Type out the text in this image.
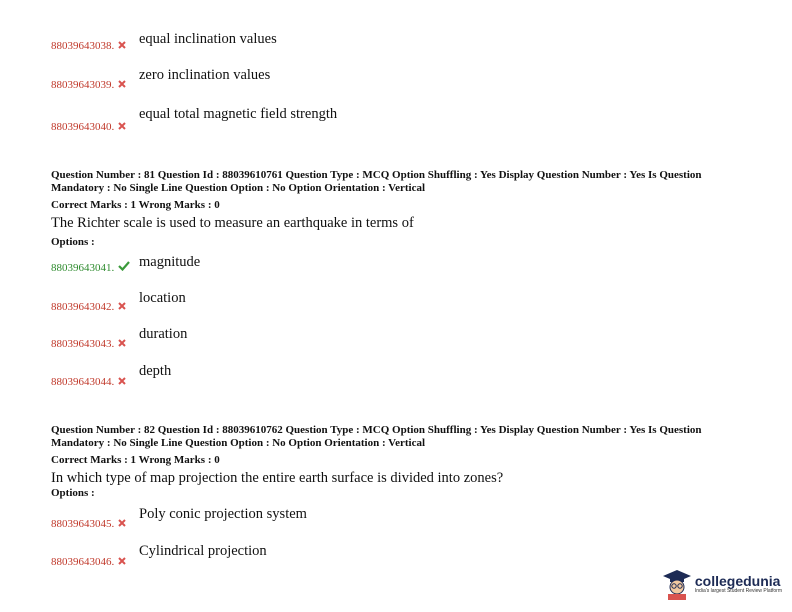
88039643038.	equal inclination values
88039643039.
zero inclination values
88039643040.
equal total magnetic field strength
Question Number : 81 Question Id : 88039610761 Question Type : MCQ Option Shuffling : Yes Display Question Number : Yes Is Question Mandatory : No Single Line Question Option : No Option Orientation : Vertical
Correct Marks : 1 Wrong Marks : 0
The Richter scale is used to measure an earthquake in terms of
Options :
88039643041.	magnitude
88039643042.
location
88039643043.
duration
88039643044.
depth
Question Number : 82 Question Id : 88039610762 Question Type : MCQ Option Shuffling : Yes Display Question Number : Yes Is Question Mandatory : No Single Line Question Option : No Option Orientation : Vertical
Correct Marks : 1 Wrong Marks : 0
In which type of map projection the entire earth surface is divided into zones?
Options :
88039643045.
Poly conic projection system
88039643046.
Cylindrical projection
collegedunia
India's largest Student Review Platform
